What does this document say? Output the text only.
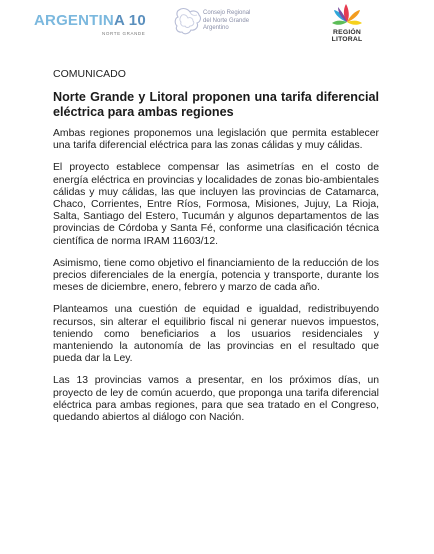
ARGENTINA 10
NORTE GRANDE
Consejo Regional
del Norte Grande
Argentino
REGIÓN
LITORAL

COMUNICADO

Norte Grande y Litoral proponen una tarifa diferencial eléctrica para ambas regiones

Ambas regiones proponemos una legislación que permita establecer una tarifa diferencial eléctrica para las zonas cálidas y muy cálidas.

El proyecto establece compensar las asimetrías en el costo de energía eléctrica en provincias y localidades de zonas bio-ambientales cálidas y muy cálidas, las que incluyen las provincias de Catamarca, Chaco, Corrientes, Entre Ríos, Formosa, Misiones, Jujuy, La Rioja, Salta, Santiago del Estero, Tucumán y algunos departamentos de las provincias de Córdoba y Santa Fé, conforme una clasificación técnica científica de norma IRAM 11603/12.

Asimismo, tiene como objetivo el financiamiento de la reducción de los precios diferenciales de la energía, potencia y transporte, durante los meses de diciembre, enero, febrero y marzo de cada año.

Planteamos una cuestión de equidad e igualdad, redistribuyendo recursos, sin alterar el equilibrio fiscal ni generar nuevos impuestos, teniendo como beneficiarios a los usuarios residenciales y manteniendo la autonomía de las provincias en el resultado que pueda dar la Ley.

Las 13 provincias vamos a presentar, en los próximos días, un proyecto de ley de común acuerdo, que proponga una tarifa diferencial eléctrica para ambas regiones, para que sea tratado en el Congreso, quedando abiertos al diálogo con Nación.
